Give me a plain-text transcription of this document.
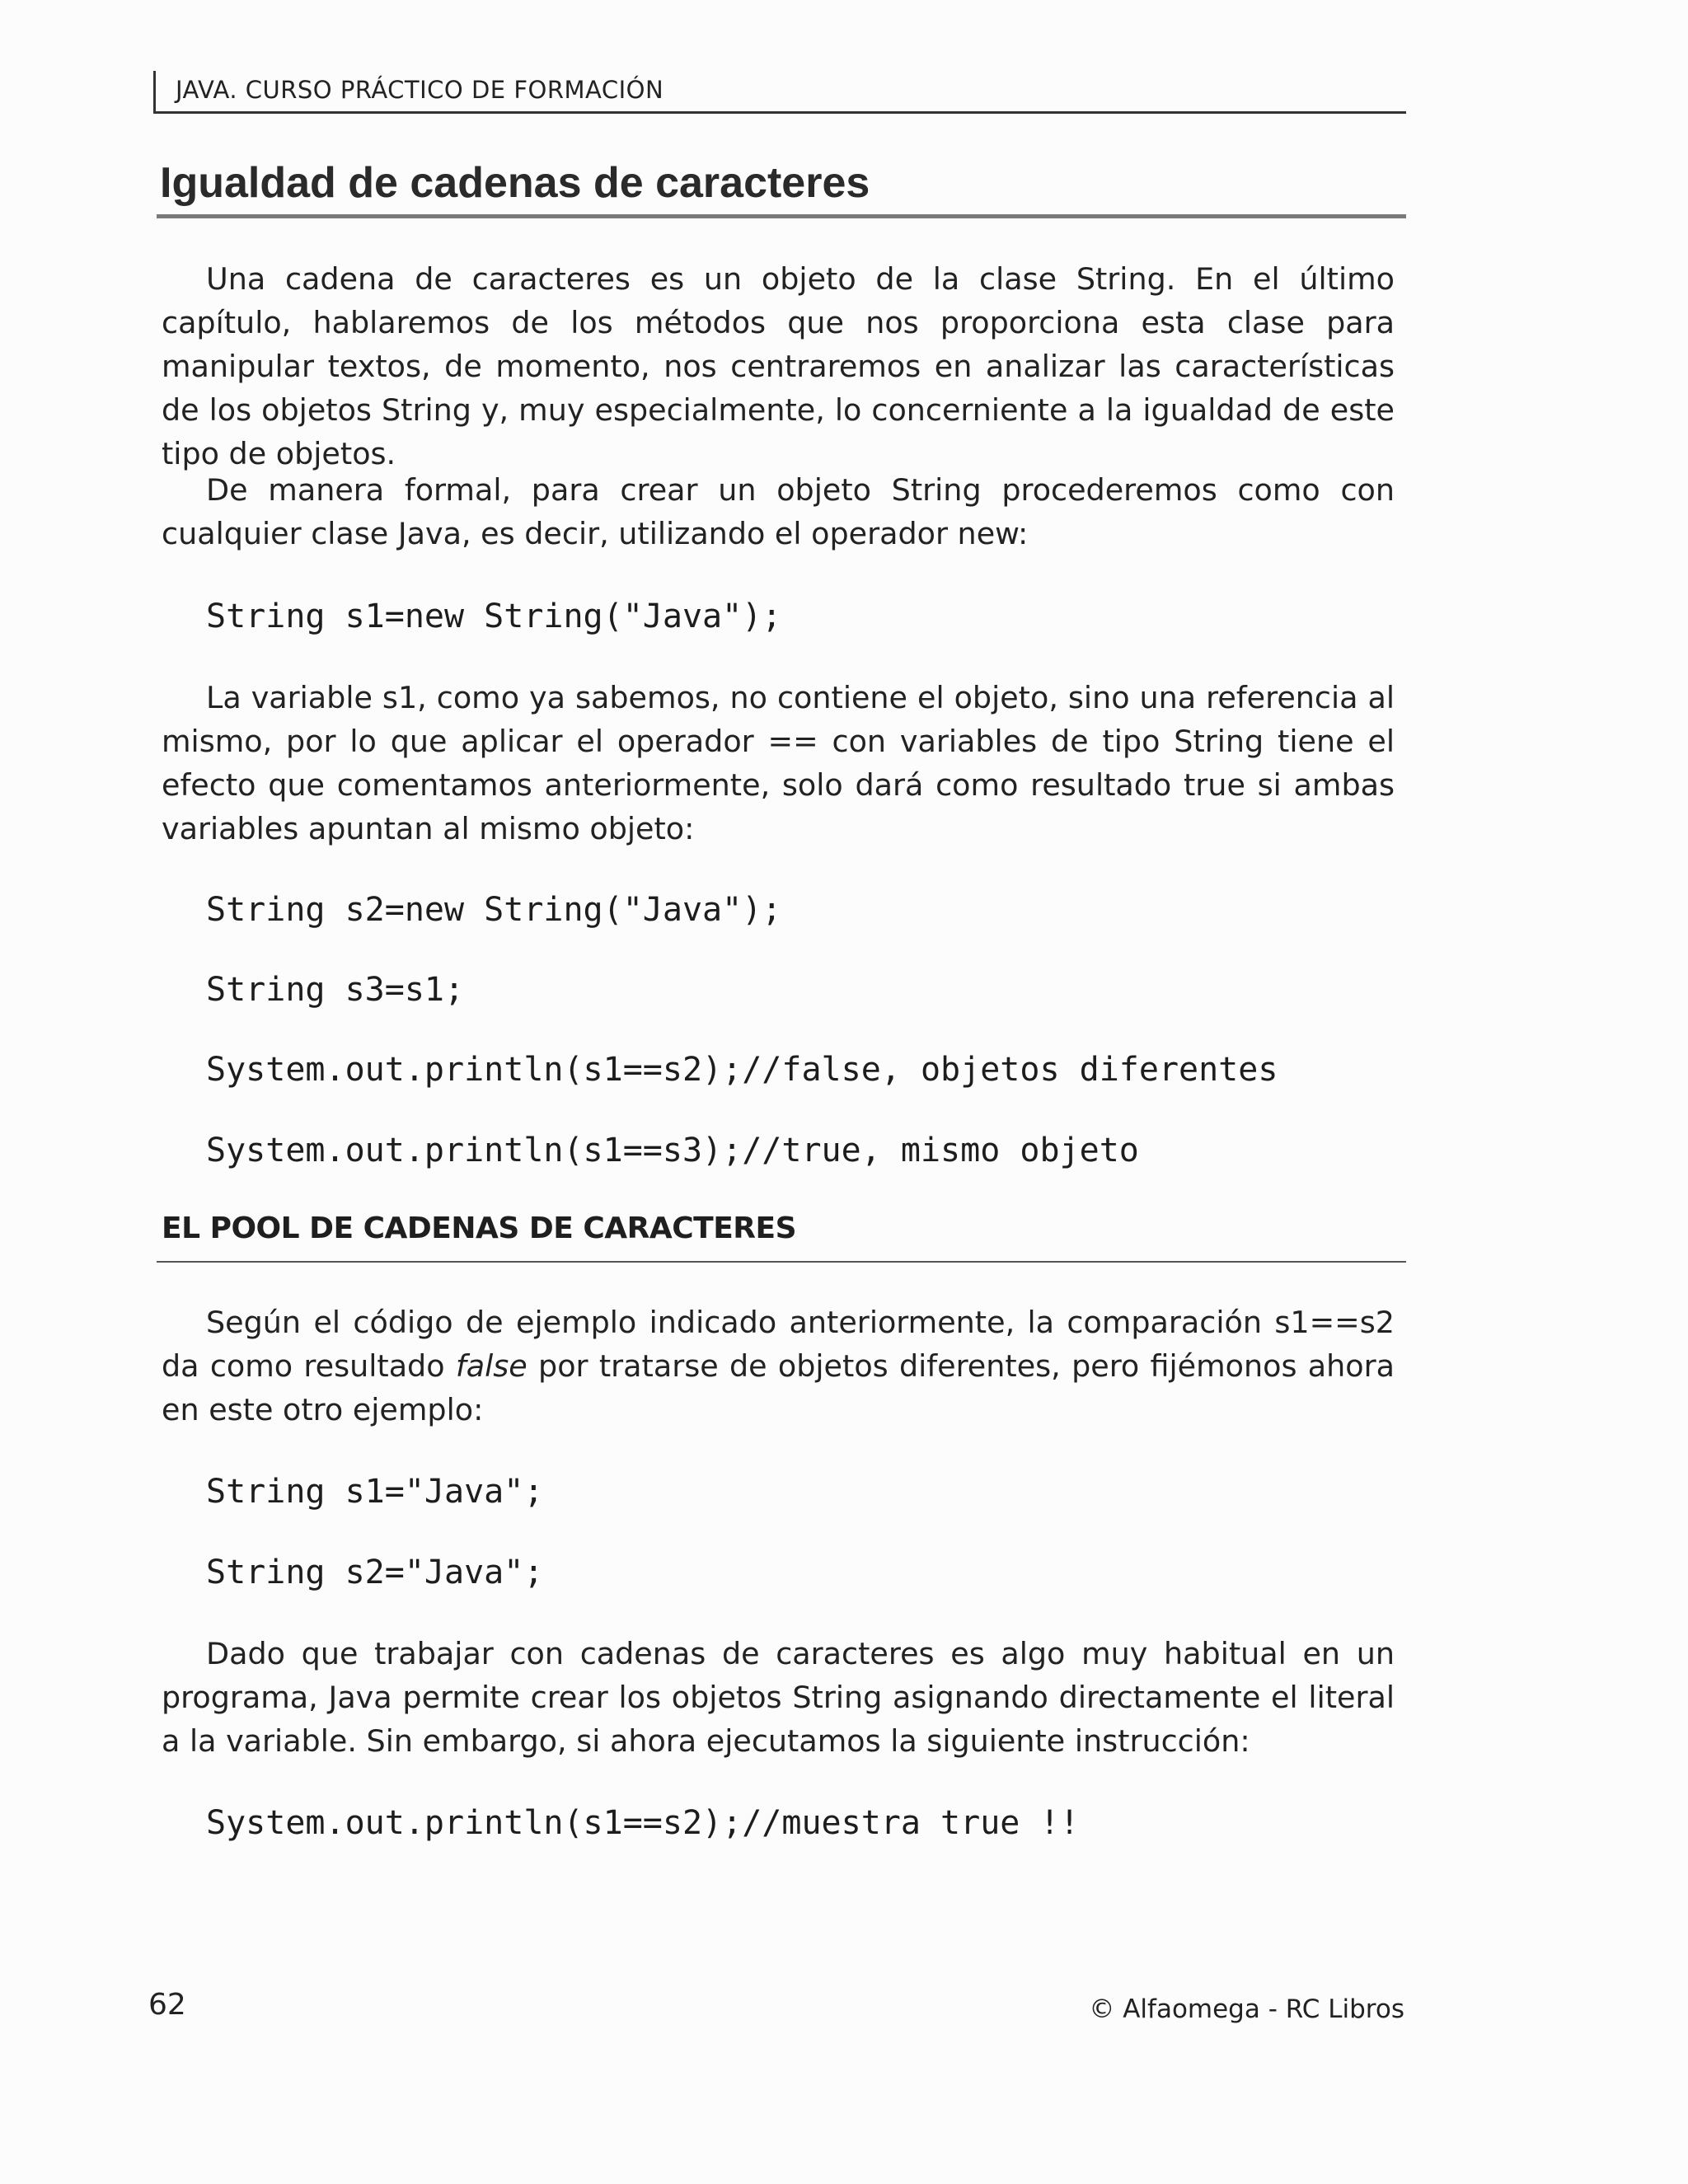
JAVA. CURSO PRÁCTICO DE FORMACIÓN
Igualdad de cadenas de caracteres

Una cadena de caracteres es un objeto de la clase String. En el último capítulo, hablaremos de los métodos que nos proporciona esta clase para manipular textos, de momento, nos centraremos en analizar las características de los objetos String y, muy especialmente, lo concerniente a la igualdad de este tipo de objetos.

De manera formal, para crear un objeto String procederemos como con cualquier clase Java, es decir, utilizando el operador new:

String s1=new String("Java");

La variable s1, como ya sabemos, no contiene el objeto, sino una referencia al mismo, por lo que aplicar el operador == con variables de tipo String tiene el efecto que comentamos anteriormente, solo dará como resultado true si ambas variables apuntan al mismo objeto:

String s2=new String("Java");
String s3=s1;
System.out.println(s1==s2);//false, objetos diferentes
System.out.println(s1==s3);//true, mismo objeto
EL POOL DE CADENAS DE CARACTERES

Según el código de ejemplo indicado anteriormente, la comparación s1==s2 da como resultado false por tratarse de objetos diferentes, pero fijémonos ahora en este otro ejemplo:

String s1="Java";
String s2="Java";

Dado que trabajar con cadenas de caracteres es algo muy habitual en un programa, Java permite crear los objetos String asignando directamente el literal a la variable. Sin embargo, si ahora ejecutamos la siguiente instrucción:

System.out.println(s1==s2);//muestra true !!
62	© Alfaomega - RC Libros
